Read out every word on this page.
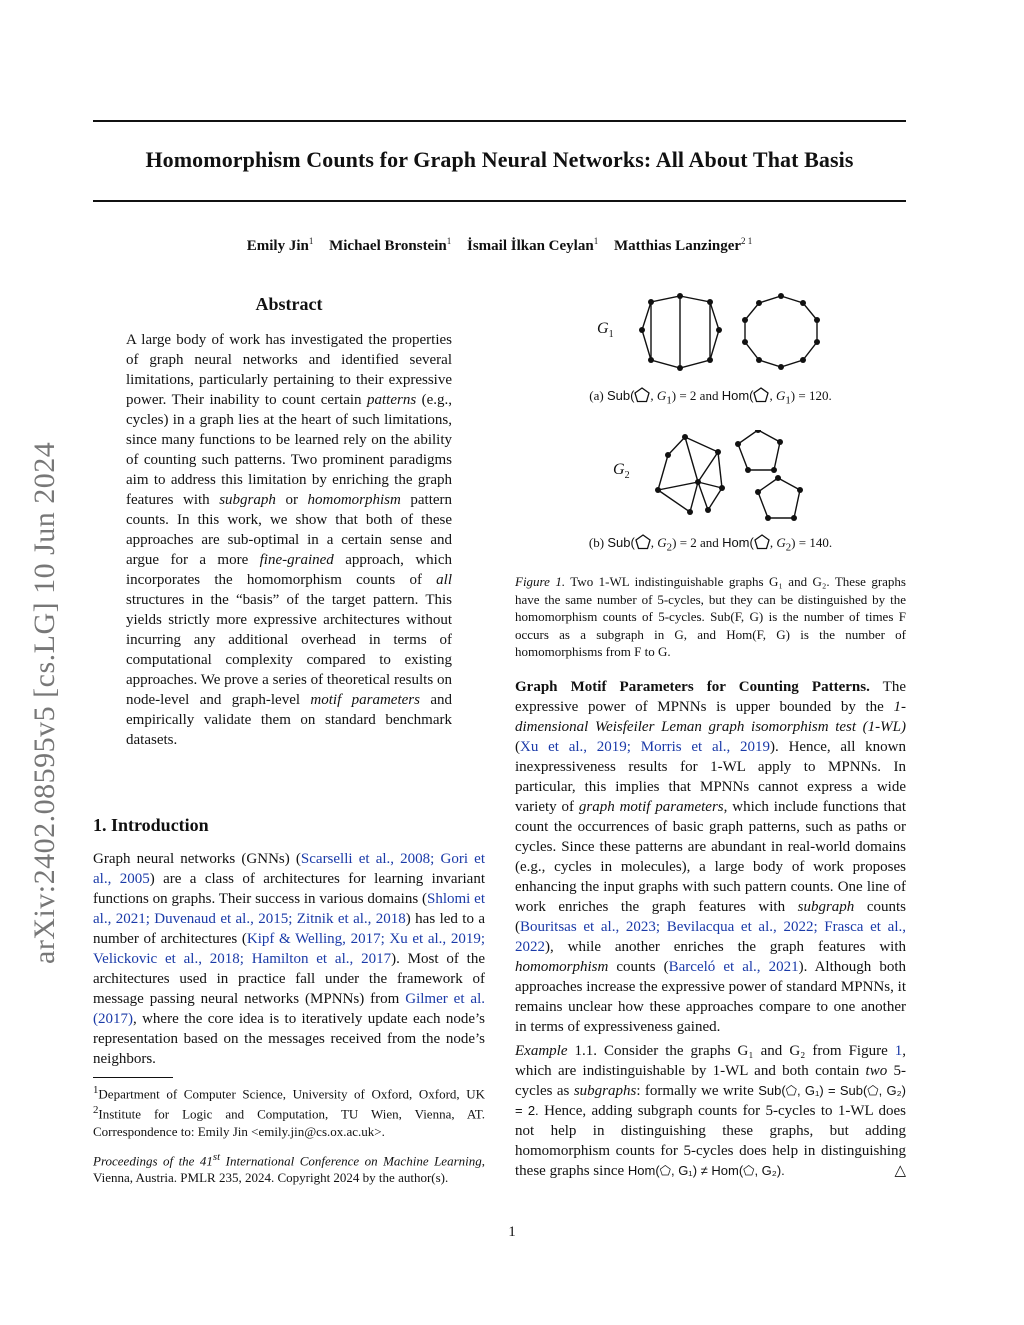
arXiv:2402.08595v5 [cs.LG] 10 Jun 2024
Homomorphism Counts for Graph Neural Networks: All About That Basis
Emily Jin$^1$ Michael Bronstein$^1$ İsmail İlkan Ceylan$^1$ Matthias Lanzinger$^{2 1}$
Abstract
A large body of work has investigated the properties of graph neural networks and identified several limitations, particularly pertaining to their expressive power. Their inability to count certain patterns (e.g., cycles) in a graph lies at the heart of such limitations, since many functions to be learned rely on the ability of counting such patterns. Two prominent paradigms aim to address this limitation by enriching the graph features with subgraph or homomorphism pattern counts. In this work, we show that both of these approaches are sub-optimal in a certain sense and argue for a more fine-grained approach, which incorporates the homomorphism counts of all structures in the “basis” of the target pattern. This yields strictly more expressive architectures without incurring any additional overhead in terms of computational complexity compared to existing approaches. We prove a series of theoretical results on node-level and graph-level motif parameters and empirically validate them on standard benchmark datasets.
1. Introduction
Graph neural networks (GNNs) (Scarselli et al., 2008; Gori et al., 2005) are a class of architectures for learning invariant functions on graphs. Their success in various domains (Shlomi et al., 2021; Duvenaud et al., 2015; Zitnik et al., 2018) has led to a number of architectures (Kipf & Welling, 2017; Xu et al., 2019; Velickovic et al., 2018; Hamilton et al., 2017). Most of the architectures used in practice fall under the framework of message passing neural networks (MPNNs) from Gilmer et al. (2017), where the core idea is to iteratively update each node’s representation based on the messages received from the node’s neighbors.
$^1$Department of Computer Science, University of Oxford, Oxford, UK $^2$Institute for Logic and Computation, TU Wien, Vienna, AT. Correspondence to: Emily Jin <emily.jin@cs.ox.ac.uk>.
Proceedings of the 41st International Conference on Machine Learning, Vienna, Austria. PMLR 235, 2024. Copyright 2024 by the author(s).
$G_1$
(a) Sub( , $G_1) = 2$ and Hom( , $G_1) = 120$.
$G_2$
(b) Sub( , $G_2) = 2$ and Hom( , $G_2) = 140$.
Figure 1. Two 1-WL indistinguishable graphs G₁ and G₂. These graphs have the same number of 5-cycles, but they can be distinguished by the homomorphism counts of 5-cycles. Sub(F, G) is the number of times F occurs as a subgraph in G, and Hom(F, G) is the number of homomorphisms from F to G.
Graph Motif Parameters for Counting Patterns. The expressive power of MPNNs is upper bounded by the 1-dimensional Weisfeiler Leman graph isomorphism test (1-WL) (Xu et al., 2019; Morris et al., 2019). Hence, all known inexpressiveness results for 1-WL apply to MPNNs. In particular, this implies that MPNNs cannot express a wide variety of graph motif parameters, which include functions that count the occurrences of basic graph patterns, such as paths or cycles. Since these patterns are abundant in real-world domains (e.g., cycles in molecules), a large body of work proposes enhancing the input graphs with such pattern counts. One line of work enriches the graph features with subgraph counts (Bouritsas et al., 2023; Bevilacqua et al., 2022; Frasca et al., 2022), while another enriches the graph features with homomorphism counts (Barceló et al., 2021). Although both approaches increase the expressive power of standard MPNNs, it remains unclear how these approaches compare to one another in terms of expressiveness gained.
Example 1.1. Consider the graphs G₁ and G₂ from Figure 1, which are indistinguishable by 1-WL and both contain two 5-cycles as subgraphs: formally we write Sub(⬠, G₁) = Sub(⬠, G₂) = 2. Hence, adding subgraph counts for 5-cycles to 1-WL does not help in distinguishing these graphs, but adding homomorphism counts for 5-cycles does help in distinguishing these graphs since Hom(⬠, G₁) ≠ Hom(⬠, G₂).	△
1
